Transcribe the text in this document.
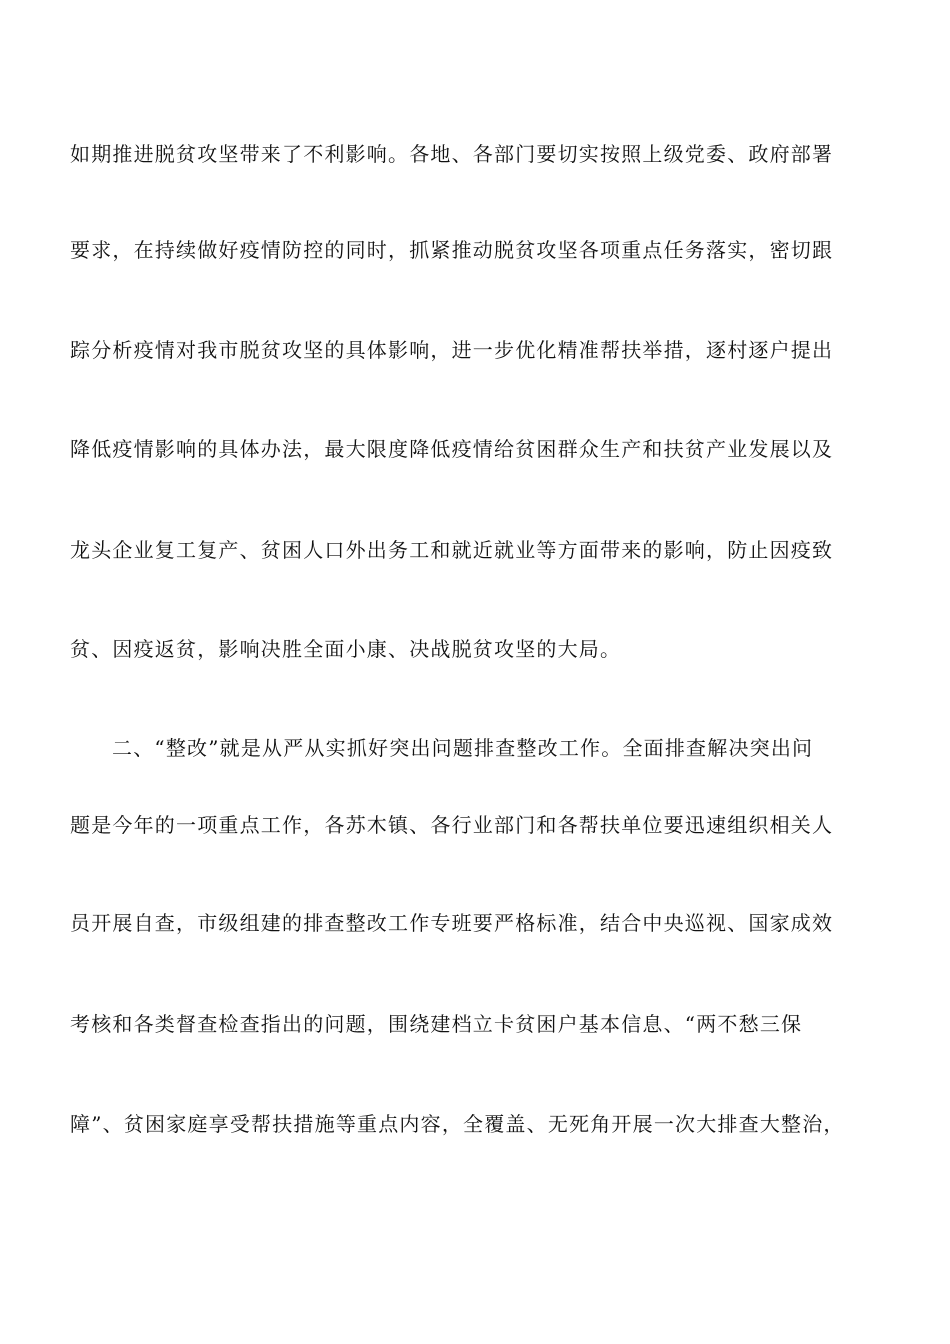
如期推进脱贫攻坚带来了不利影响。各地、各部门要切实按照上级党委、政府部署
要求，在持续做好疫情防控的同时，抓紧推动脱贫攻坚各项重点任务落实，密切跟
踪分析疫情对我市脱贫攻坚的具体影响，进一步优化精准帮扶举措，逐村逐户提出
降低疫情影响的具体办法，最大限度降低疫情给贫困群众生产和扶贫产业发展以及
龙头企业复工复产、贫困人口外出务工和就近就业等方面带来的影响，防止因疫致
贫、因疫返贫，影响决胜全面小康、决战脱贫攻坚的大局。
二、“整改”就是从严从实抓好突出问题排查整改工作。全面排查解决突出问
题是今年的一项重点工作，各苏木镇、各行业部门和各帮扶单位要迅速组织相关人
员开展自查，市级组建的排查整改工作专班要严格标准，结合中央巡视、国家成效
考核和各类督查检查指出的问题，围绕建档立卡贫困户基本信息、“两不愁三保
障”、贫困家庭享受帮扶措施等重点内容，全覆盖、无死角开展一次大排查大整治，
